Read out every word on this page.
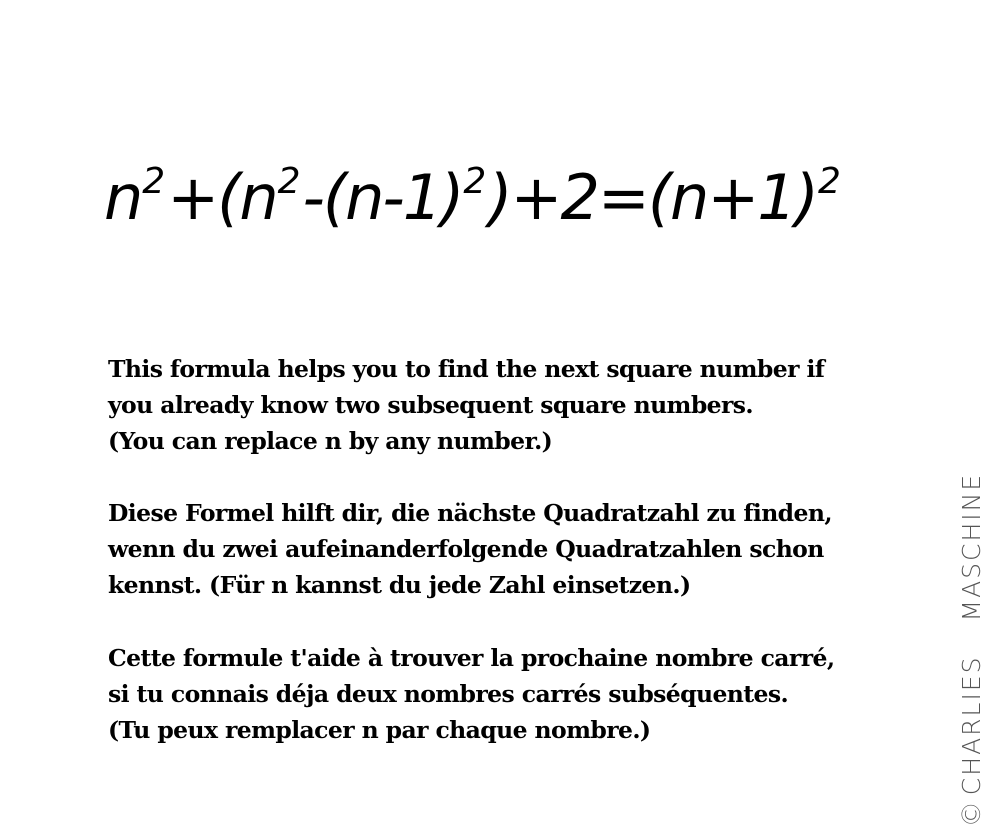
$n^2+(n^2-(n-1)^2)+2=(n+1)^2$
This formula helps you to find the next square number if
you already know two subsequent square numbers.
(You can replace n by any number.)
Diese Formel hilft dir, die nächste Quadratzahl zu finden,
wenn du zwei aufeinanderfolgende Quadratzahlen schon
kennst. (Für n kannst du jede Zahl einsetzen.)
Cette formule t'aide à trouver la prochaine nombre carré,
si tu connais déja deux nombres carrés subséquentes.
(Tu peux remplacer n par chaque nombre.)
©CHARLIESMASCHINE
